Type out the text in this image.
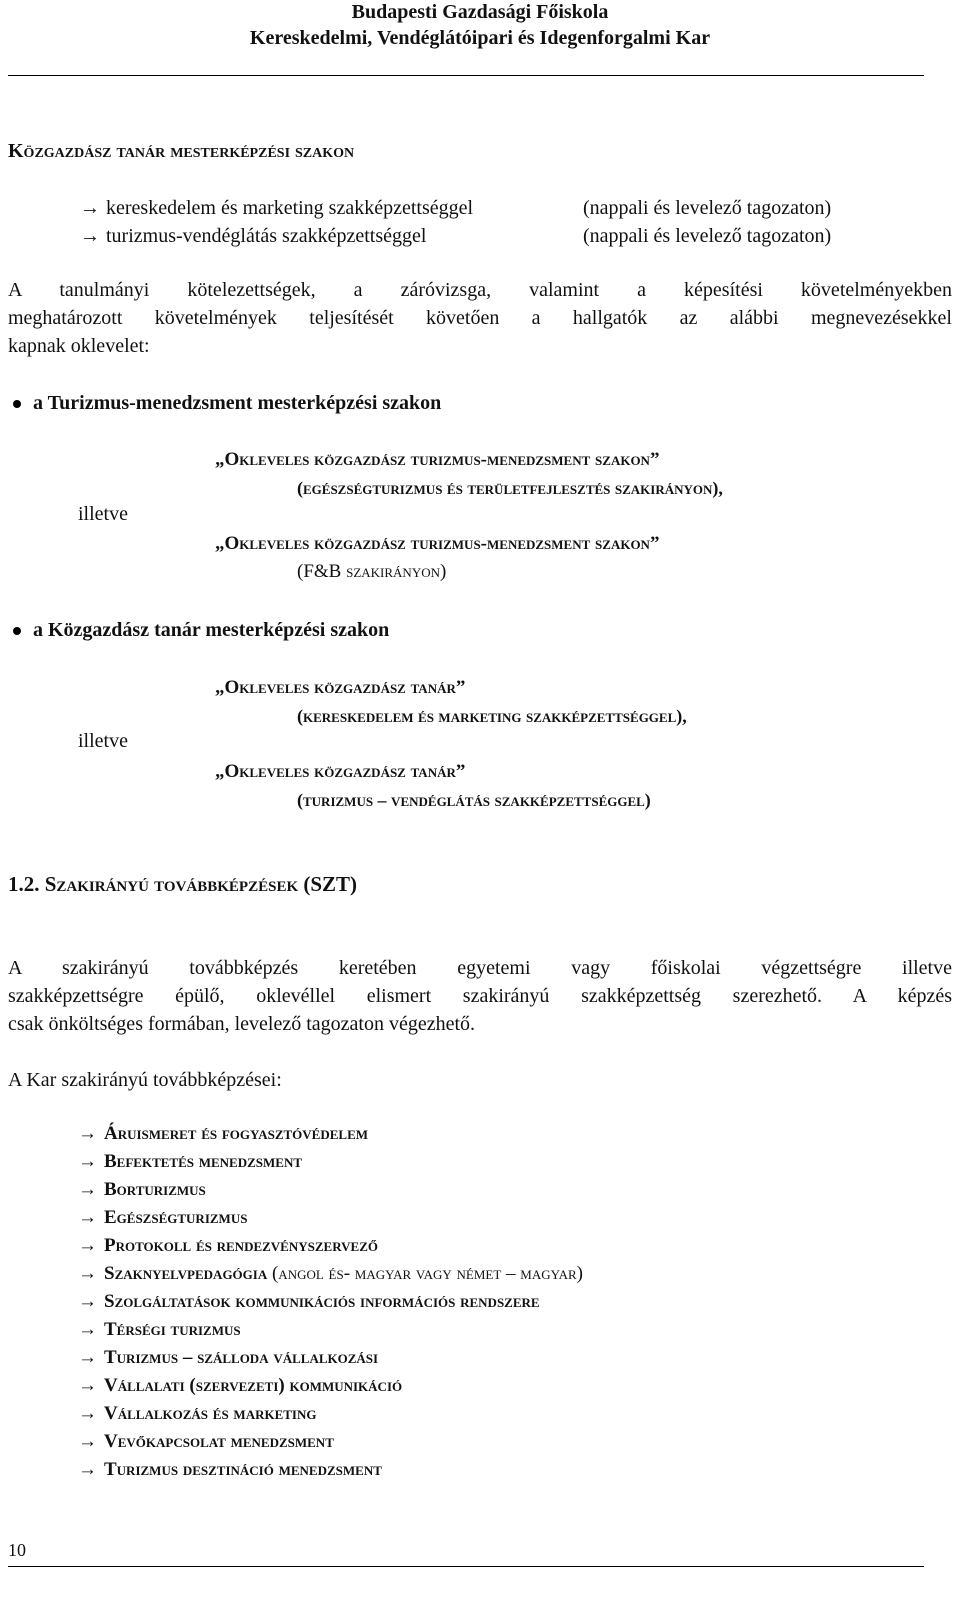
Budapesti Gazdasági Főiskola
Kereskedelmi, Vendéglátóipari és Idegenforgalmi Kar
Közgazdász tanár mesterképzési szakon
→ kereskedelem és marketing szakképzettséggel	(nappali és levelező tagozaton)
→ turizmus-vendéglátás szakképzettséggel	(nappali és levelező tagozaton)
A tanulmányi kötelezettségek, a záróvizsga, valamint a képesítési követelményekben
meghatározott követelmények teljesítését követően a hallgatók az alábbi megnevezésekkel
kapnak oklevelet:
a Turizmus-menedzsment mesterképzési szakon
„Okleveles közgazdász turizmus-menedzsment szakon”
(egészségturizmus és területfejlesztés szakirányon),
illetve
„Okleveles közgazdász turizmus-menedzsment szakon”
(F&B szakirányon)
a Közgazdász tanár mesterképzési szakon
„Okleveles közgazdász tanár”
(kereskedelem és marketing szakképzettséggel),
illetve
„Okleveles közgazdász tanár”
(turizmus – vendéglátás szakképzettséggel)
1.2. Szakirányú továbbképzések (SZT)
A szakirányú továbbképzés keretében egyetemi vagy főiskolai végzettségre illetve
szakképzettségre épülő, oklevéllel elismert szakirányú szakképzettség szerezhető. A képzés
csak önköltséges formában, levelező tagozaton végezhető.
A Kar szakirányú továbbképzései:
→ Áruismeret és fogyasztóvédelem
→ Befektetés menedzsment
→ Borturizmus
→ Egészségturizmus
→ Protokoll és rendezvényszervező
→ Szaknyelvpedagógia (angol és- magyar vagy német – magyar)
→ Szolgáltatások kommunikációs információs rendszere
→ Térségi turizmus
→ Turizmus – szálloda vállalkozási
→ Vállalati (szervezeti) kommunikáció
→ Vállalkozás és marketing
→ Vevőkapcsolat menedzsment
→ Turizmus desztináció menedzsment
10
